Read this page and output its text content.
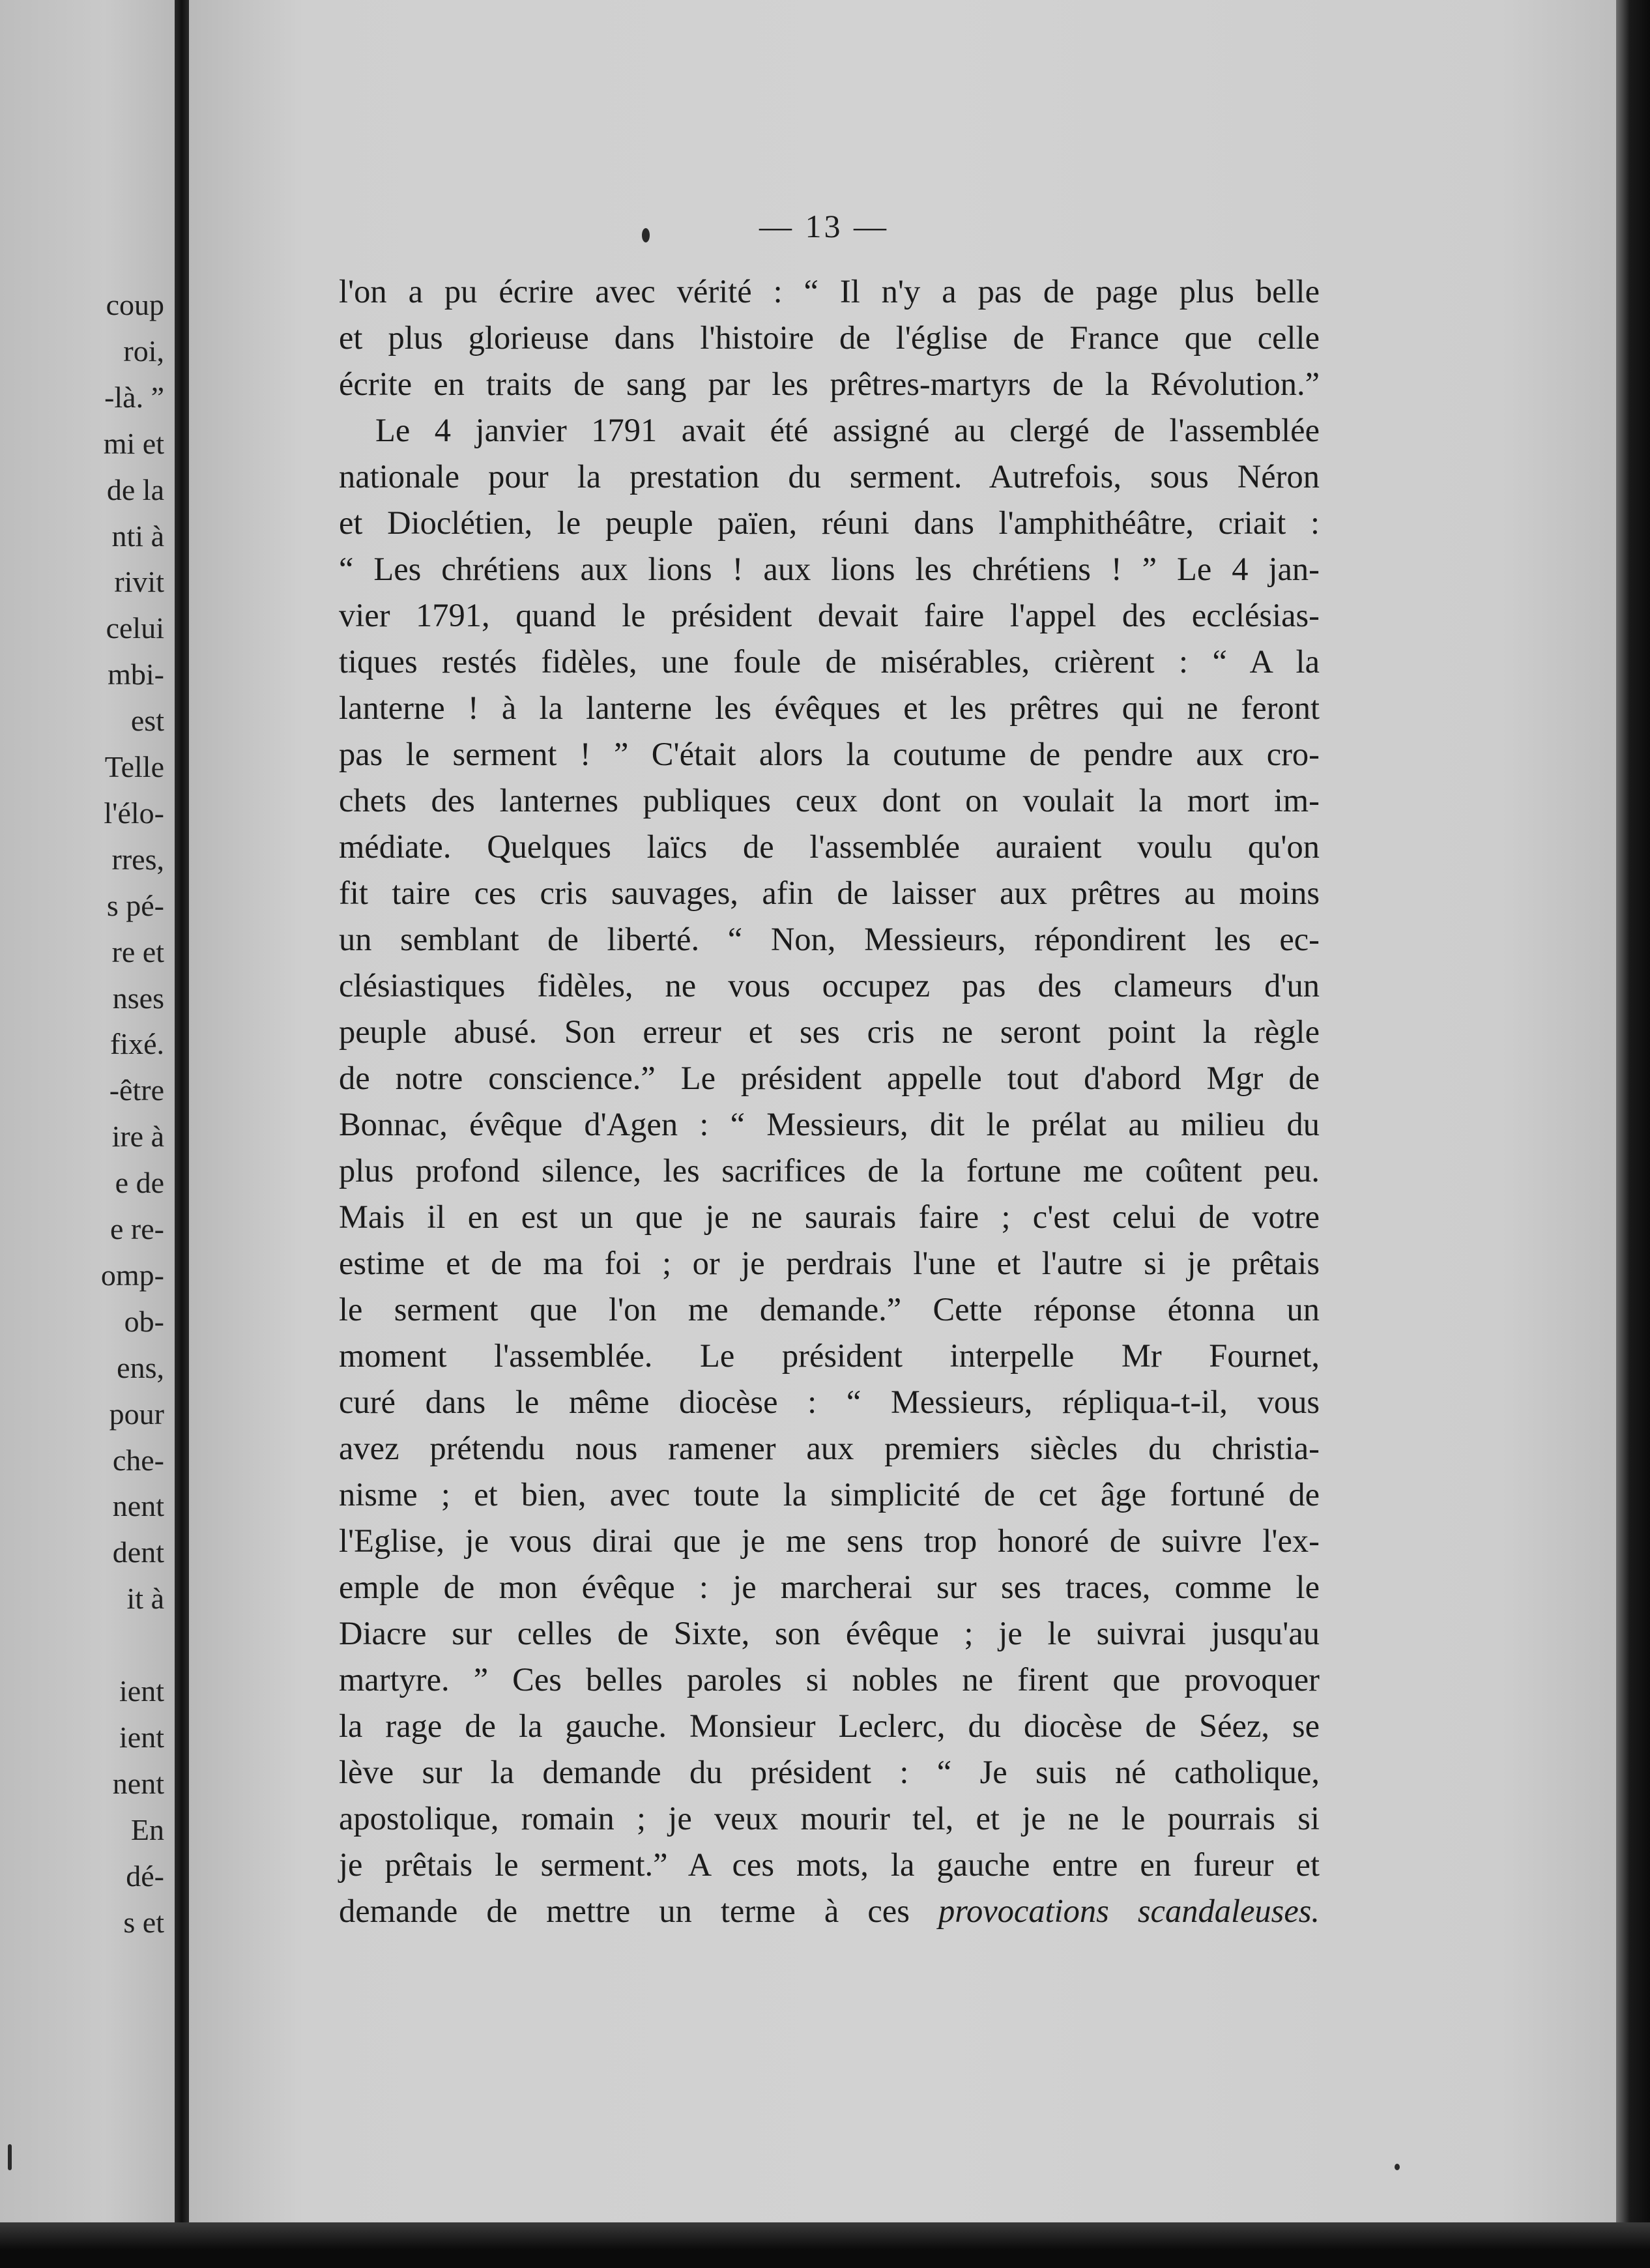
coup
roi,
-là. ”
mi et
de la
nti à
rivit
celui
mbi-
est
Telle
l'élo-
rres,
s pé-
re et
nses
fixé.
-être
ire à
e de
e re-
omp-
ob-
ens,
pour
che-
nent
dent
it à
ient
ient
nent
En
dé-
s et
— 13 —
l'on a pu écrire avec vérité : “ Il n'y a pas de page plus belle
et plus glorieuse dans l'histoire de l'église de France que celle
écrite en traits de sang par les prêtres-martyrs de la Révolution.”
Le 4 janvier 1791 avait été assigné au clergé de l'assemblée
nationale pour la prestation du serment. Autrefois, sous Néron
et Dioclétien, le peuple païen, réuni dans l'amphithéâtre, criait :
“ Les chrétiens aux lions ! aux lions les chrétiens ! ” Le 4 jan-
vier 1791, quand le président devait faire l'appel des ecclésias-
tiques restés fidèles, une foule de misérables, crièrent : “ A la
lanterne ! à la lanterne les évêques et les prêtres qui ne feront
pas le serment ! ” C'était alors la coutume de pendre aux cro-
chets des lanternes publiques ceux dont on voulait la mort im-
médiate. Quelques laïcs de l'assemblée auraient voulu qu'on
fit taire ces cris sauvages, afin de laisser aux prêtres au moins
un semblant de liberté. “ Non, Messieurs, répondirent les ec-
clésiastiques fidèles, ne vous occupez pas des clameurs d'un
peuple abusé. Son erreur et ses cris ne seront point la règle
de notre conscience.” Le président appelle tout d'abord Mgr de
Bonnac, évêque d'Agen : “ Messieurs, dit le prélat au milieu du
plus profond silence, les sacrifices de la fortune me coûtent peu.
Mais il en est un que je ne saurais faire ; c'est celui de votre
estime et de ma foi ; or je perdrais l'une et l'autre si je prêtais
le serment que l'on me demande.” Cette réponse étonna un
moment l'assemblée. Le président interpelle Mr Fournet,
curé dans le même diocèse : “ Messieurs, répliqua-t-il, vous
avez prétendu nous ramener aux premiers siècles du christia-
nisme ; et bien, avec toute la simplicité de cet âge fortuné de
l'Eglise, je vous dirai que je me sens trop honoré de suivre l'ex-
emple de mon évêque : je marcherai sur ses traces, comme le
Diacre sur celles de Sixte, son évêque ; je le suivrai jusqu'au
martyre. ” Ces belles paroles si nobles ne firent que provoquer
la rage de la gauche. Monsieur Leclerc, du diocèse de Séez, se
lève sur la demande du président : “ Je suis né catholique,
apostolique, romain ; je veux mourir tel, et je ne le pourrais si
je prêtais le serment.” A ces mots, la gauche entre en fureur et
demande de mettre un terme à ces provocations scandaleuses.
